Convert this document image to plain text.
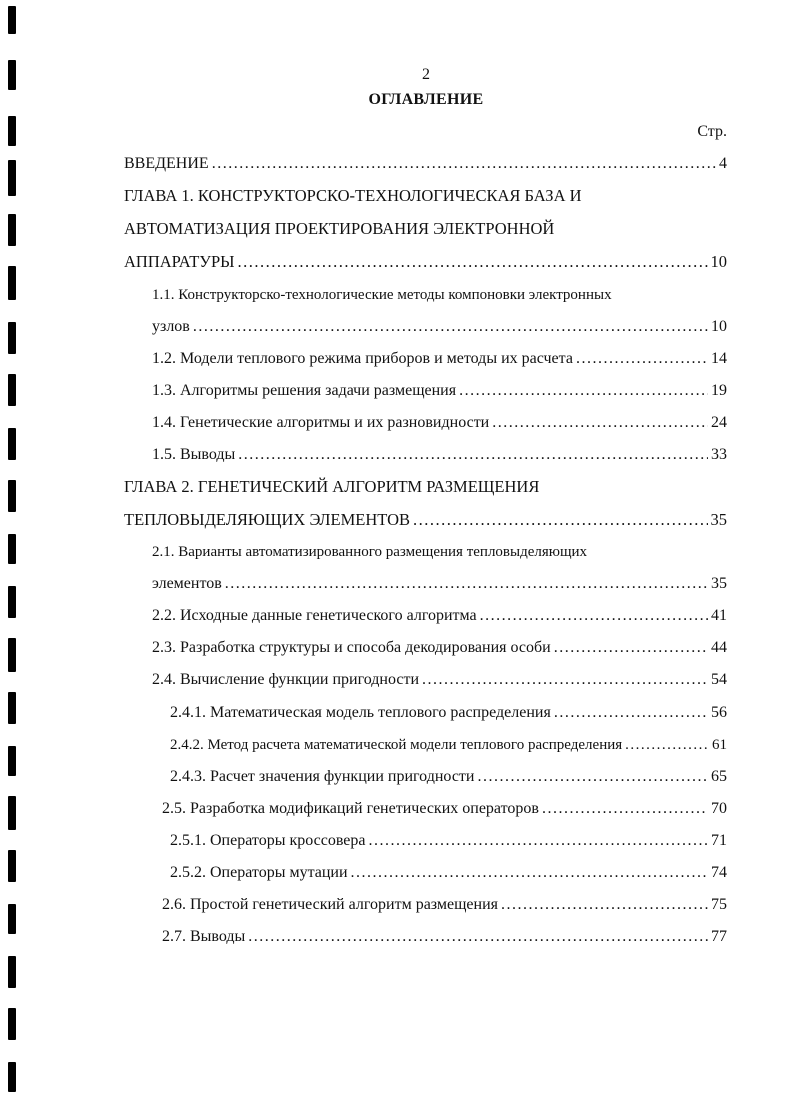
2
ОГЛАВЛЕНИЕ
Стр.
ВВЕДЕНИЕ .....	4
ГЛАВА 1. КОНСТРУКТОРСКО-ТЕХНОЛОГИЧЕСКАЯ БАЗА И
АВТОМАТИЗАЦИЯ ПРОЕКТИРОВАНИЯ ЭЛЕКТРОННОЙ
АППАРАТУРЫ .....	10
1.1. Конструкторско-технологические методы компоновки электронных
узлов .....	10
1.2. Модели теплового режима приборов и методы их расчета .....	14
1.3. Алгоритмы решения задачи размещения .....	19
1.4. Генетические алгоритмы и их разновидности .....	24
1.5. Выводы .....	33
ГЛАВА 2. ГЕНЕТИЧЕСКИЙ АЛГОРИТМ РАЗМЕЩЕНИЯ
ТЕПЛОВЫДЕЛЯЮЩИХ ЭЛЕМЕНТОВ .....	35
2.1. Варианты автоматизированного размещения тепловыделяющих
элементов .....	35
2.2. Исходные данные генетического алгоритма .....	41
2.3. Разработка структуры и способа декодирования особи .....	44
2.4. Вычисление функции пригодности .....	54
2.4.1. Математическая модель теплового распределения .....	56
2.4.2. Метод расчета математической модели теплового распределения .....	61
2.4.3. Расчет значения функции пригодности .....	65
2.5. Разработка модификаций генетических операторов .....	70
2.5.1. Операторы кроссовера .....	71
2.5.2. Операторы мутации .....	74
2.6. Простой генетический алгоритм размещения .....	75
2.7. Выводы .....	77
